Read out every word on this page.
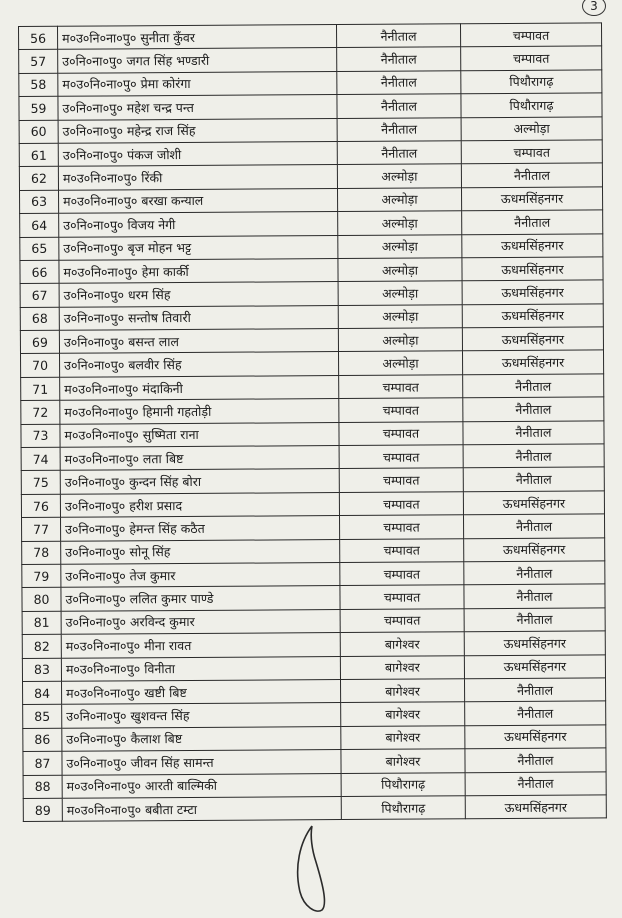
3
56	म०उ०नि०ना०पु० सुनीता कुँवर	नैनीताल	चम्पावत
57	उ०नि०ना०पु० जगत सिंह भण्डारी	नैनीताल	चम्पावत
58	म०उ०नि०ना०पु० प्रेमा कोरंगा	नैनीताल	पिथौरागढ़
59	उ०नि०ना०पु० महेश चन्द्र पन्त	नैनीताल	पिथौरागढ़
60	उ०नि०ना०पु० महेन्द्र राज सिंह	नैनीताल	अल्मोड़ा
61	उ०नि०ना०पु० पंकज जोशी	नैनीताल	चम्पावत
62	म०उ०नि०ना०पु० रिंकी	अल्मोड़ा	नैनीताल
63	म०उ०नि०ना०पु० बरखा कन्याल	अल्मोड़ा	ऊधमसिंहनगर
64	उ०नि०ना०पु० विजय नेगी	अल्मोड़ा	नैनीताल
65	उ०नि०ना०पु० बृज मोहन भट्ट	अल्मोड़ा	ऊधमसिंहनगर
66	म०उ०नि०ना०पु० हेमा कार्की	अल्मोड़ा	ऊधमसिंहनगर
67	उ०नि०ना०पु० धरम सिंह	अल्मोड़ा	ऊधमसिंहनगर
68	उ०नि०ना०पु० सन्तोष तिवारी	अल्मोड़ा	ऊधमसिंहनगर
69	उ०नि०ना०पु० बसन्त लाल	अल्मोड़ा	ऊधमसिंहनगर
70	उ०नि०ना०पु० बलवीर सिंह	अल्मोड़ा	ऊधमसिंहनगर
71	म०उ०नि०ना०पु० मंदाकिनी	चम्पावत	नैनीताल
72	म०उ०नि०ना०पु० हिमानी गहतोड़ी	चम्पावत	नैनीताल
73	म०उ०नि०ना०पु० सुष्मिता राना	चम्पावत	नैनीताल
74	म०उ०नि०ना०पु० लता बिष्ट	चम्पावत	नैनीताल
75	उ०नि०ना०पु० कुन्दन सिंह बोरा	चम्पावत	नैनीताल
76	उ०नि०ना०पु० हरीश प्रसाद	चम्पावत	ऊधमसिंहनगर
77	उ०नि०ना०पु० हेमन्त सिंह कठैत	चम्पावत	नैनीताल
78	उ०नि०ना०पु० सोनू सिंह	चम्पावत	ऊधमसिंहनगर
79	उ०नि०ना०पु० तेज कुमार	चम्पावत	नैनीताल
80	उ०नि०ना०पु० ललित कुमार पाण्डे	चम्पावत	नैनीताल
81	उ०नि०ना०पु० अरविन्द कुमार	चम्पावत	नैनीताल
82	म०उ०नि०ना०पु० मीना रावत	बागेश्वर	ऊधमसिंहनगर
83	म०उ०नि०ना०पु० विनीता	बागेश्वर	ऊधमसिंहनगर
84	म०उ०नि०ना०पु० खष्टी बिष्ट	बागेश्वर	नैनीताल
85	उ०नि०ना०पु० खुशवन्त सिंह	बागेश्वर	नैनीताल
86	उ०नि०ना०पु० कैलाश बिष्ट	बागेश्वर	ऊधमसिंहनगर
87	उ०नि०ना०पु० जीवन सिंह सामन्त	बागेश्वर	नैनीताल
88	म०उ०नि०ना०पु० आरती बाल्मिकी	पिथौरागढ़	नैनीताल
89	म०उ०नि०ना०पु० बबीता टम्टा	पिथौरागढ़	ऊधमसिंहनगर
